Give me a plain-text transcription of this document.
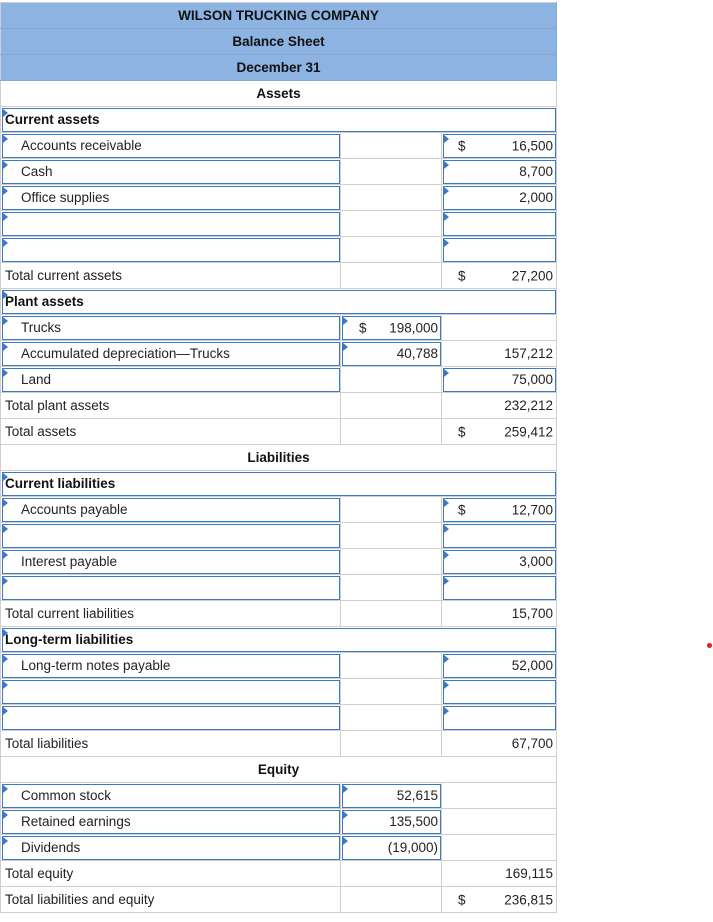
WILSON TRUCKING COMPANY		
Balance Sheet		
December 31		
Assets		
Current assets		
Accounts receivable		$ 16,500

Cash		8,700
Office supplies		2,000

Total current assets		$ 27,200

Plant assets		
Trucks	$ 198,000	

Accumulated depreciation—Trucks	40,788	157,212
Land		75,000
Total plant assets		232,212
Total assets		$ 259,412

Liabilities		
Current liabilities		
Accounts payable		$ 12,700

Interest payable		3,000

Total current liabilities		15,700
Long-term liabilities		
Long-term notes payable		52,000

Total liabilities		67,700
Equity		
Common stock	52,615	
Retained earnings	135,500	
Dividends	(19,000)	
Total equity		169,115
Total liabilities and equity		$ 236,815
